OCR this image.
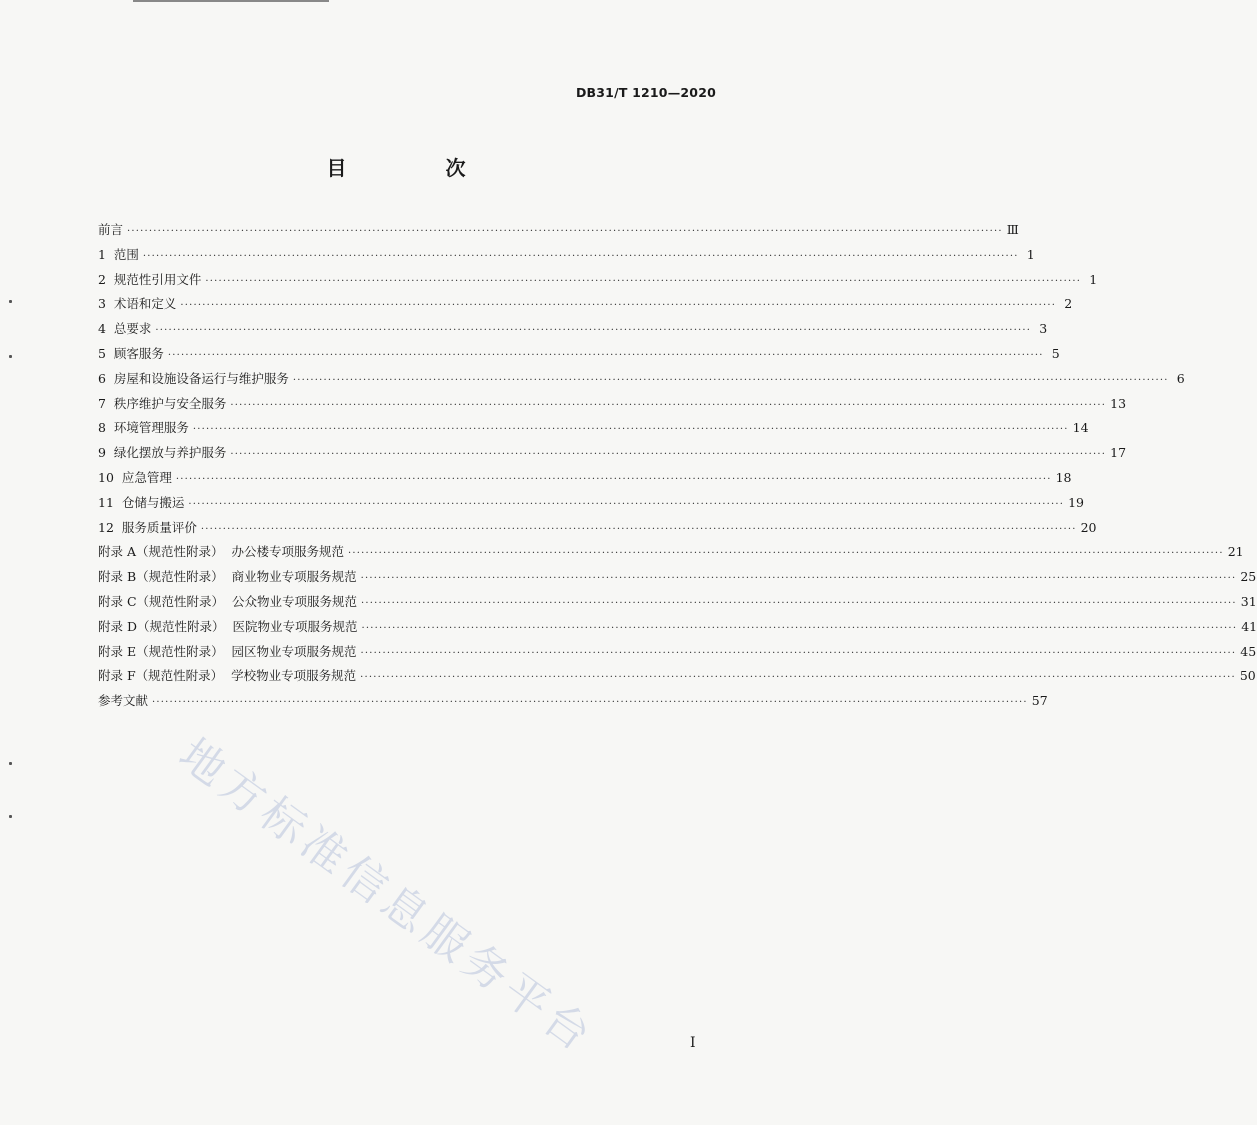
DB31/T 1210—2020
目 次
前言 ········································································································································································································ Ⅲ
1  范围 ········································································································································································································ 1
2  规范性引用文件 ········································································································································································································ 1
3  术语和定义 ········································································································································································································ 2
4  总要求 ········································································································································································································ 3
5  顾客服务 ········································································································································································································ 5
6  房屋和设施设备运行与维护服务 ········································································································································································································ 6
7  秩序维护与安全服务 ········································································································································································································ 13
8  环境管理服务 ········································································································································································································ 14
9  绿化摆放与养护服务 ········································································································································································································ 17
10  应急管理 ········································································································································································································ 18
11  仓储与搬运 ········································································································································································································ 19
12  服务质量评价 ········································································································································································································ 20
附录 A（规范性附录）  办公楼专项服务规范 ········································································································································································································ 21
附录 B（规范性附录）  商业物业专项服务规范 ········································································································································································································ 25
附录 C（规范性附录）  公众物业专项服务规范 ········································································································································································································ 31
附录 D（规范性附录）  医院物业专项服务规范 ········································································································································································································ 41
附录 E（规范性附录）  园区物业专项服务规范 ········································································································································································································ 45
附录 F（规范性附录）  学校物业专项服务规范 ········································································································································································································ 50
参考文献 ········································································································································································································ 57
地方标准信息服务平台	Ⅰ
